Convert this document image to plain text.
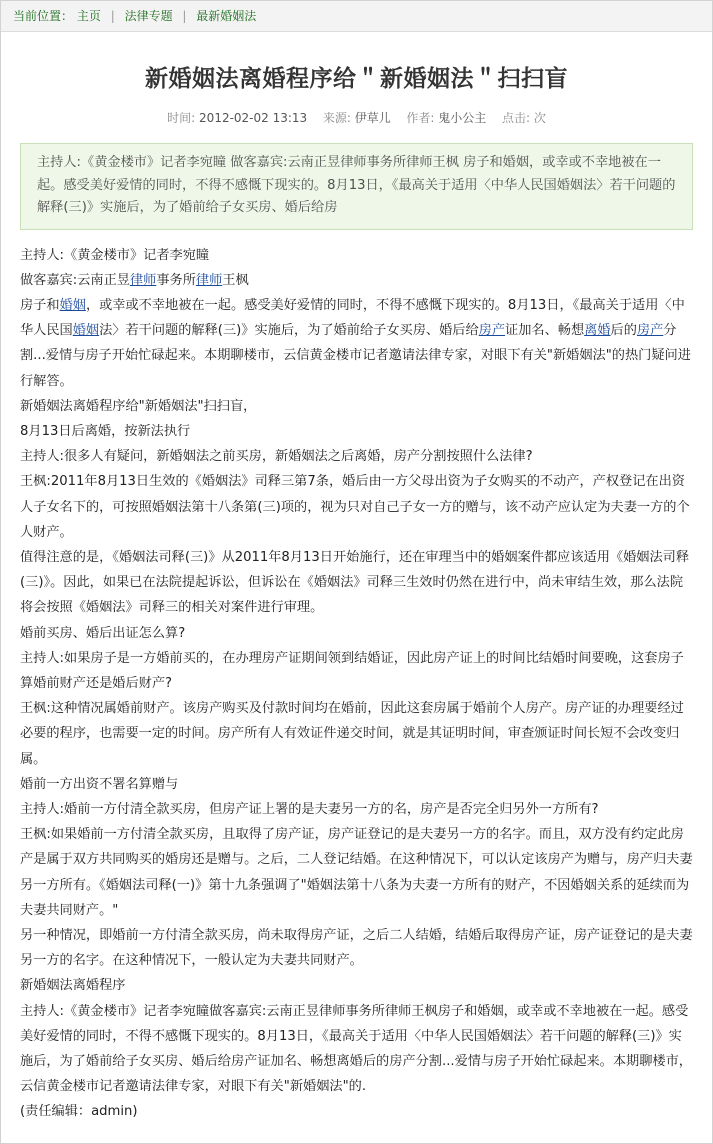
当前位置： 主页 | 法律专题 | 最新婚姻法
新婚姻法离婚程序给＂新婚姻法＂扫扫盲
时间: 2012-02-02 13:13 来源: 伊草儿 作者: 鬼小公主 点击: 次
主持人:《黄金楼市》记者李宛瞳 做客嘉宾:云南正昱律师事务所律师王枫 房子和婚姻，或幸或不幸地被在一起。感受美好爱情的同时，不得不感慨下现实的。8月13日，《最高关于适用〈中华人民国婚姻法〉若干问题的解释(三)》实施后，为了婚前给子女买房、婚后给房

主持人:《黄金楼市》记者李宛瞳

做客嘉宾:云南正昱律师事务所律师王枫

房子和婚姻，或幸或不幸地被在一起。感受美好爱情的同时，不得不感慨下现实的。8月13日，《最高关于适用〈中华人民国婚姻法〉若干问题的解释(三)》实施后，为了婚前给子女买房、婚后给房产证加名、畅想离婚后的房产分割...爱情与房子开始忙碌起来。本期聊楼市，云信黄金楼市记者邀请法律专家，对眼下有关"新婚姻法"的热门疑问进行解答。

新婚姻法离婚程序给"新婚姻法"扫扫盲，

8月13日后离婚，按新法执行

主持人:很多人有疑问，新婚姻法之前买房，新婚姻法之后离婚，房产分割按照什么法律?

王枫:2011年8月13日生效的《婚姻法》司释三第7条，婚后由一方父母出资为子女购买的不动产，产权登记在出资人子女名下的，可按照婚姻法第十八条第(三)项的，视为只对自己子女一方的赠与，该不动产应认定为夫妻一方的个人财产。

值得注意的是，《婚姻法司释(三)》从2011年8月13日开始施行，还在审理当中的婚姻案件都应该适用《婚姻法司释(三)》。因此，如果已在法院提起诉讼，但诉讼在《婚姻法》司释三生效时仍然在进行中，尚未审结生效，那么法院将会按照《婚姻法》司释三的相关对案件进行审理。

婚前买房、婚后出证怎么算?

主持人:如果房子是一方婚前买的，在办理房产证期间领到结婚证，因此房产证上的时间比结婚时间要晚，这套房子算婚前财产还是婚后财产?

王枫:这种情况属婚前财产。该房产购买及付款时间均在婚前，因此这套房属于婚前个人房产。房产证的办理要经过必要的程序，也需要一定的时间。房产所有人有效证件递交时间，就是其证明时间，审查颁证时间长短不会改变归属。

婚前一方出资不署名算赠与

主持人:婚前一方付清全款买房，但房产证上署的是夫妻另一方的名，房产是否完全归另外一方所有?

王枫:如果婚前一方付清全款买房，且取得了房产证，房产证登记的是夫妻另一方的名字。而且，双方没有约定此房产是属于双方共同购买的婚房还是赠与。之后，二人登记结婚。在这种情况下，可以认定该房产为赠与，房产归夫妻另一方所有。《婚姻法司释(一)》第十九条强调了"婚姻法第十八条为夫妻一方所有的财产，不因婚姻关系的延续而为夫妻共同财产。"

另一种情况，即婚前一方付清全款买房，尚未取得房产证，之后二人结婚，结婚后取得房产证，房产证登记的是夫妻另一方的名字。在这种情况下，一般认定为夫妻共同财产。

新婚姻法离婚程序

主持人:《黄金楼市》记者李宛瞳做客嘉宾:云南正昱律师事务所律师王枫房子和婚姻，或幸或不幸地被在一起。感受美好爱情的同时，不得不感慨下现实的。8月13日，《最高关于适用〈中华人民国婚姻法〉若干问题的解释(三)》实施后，为了婚前给子女买房、婚后给房产证加名、畅想离婚后的房产分割...爱情与房子开始忙碌起来。本期聊楼市，云信黄金楼市记者邀请法律专家，对眼下有关"新婚姻法"的.

(责任编辑：admin)
